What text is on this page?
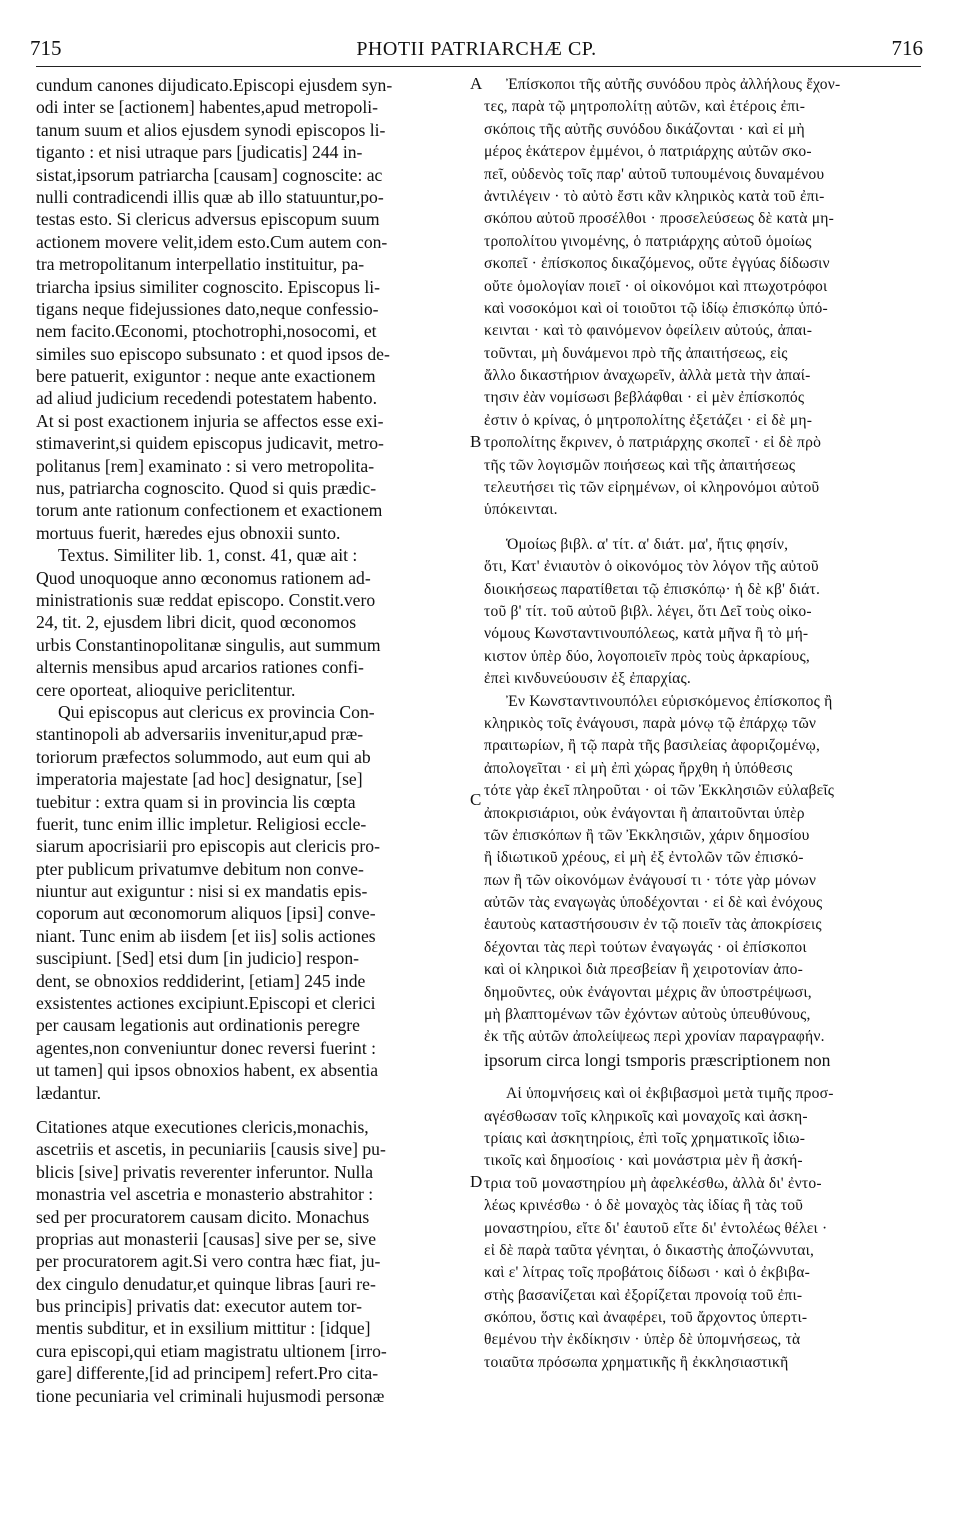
715	PHOTII PATRIARCHÆ CP.	716
A
B
C
D
cundum canones dijudicato.Episcopi ejusdem syn-
odi inter se [actionem] habentes,apud metropoli-
tanum suum et alios ejusdem synodi episcopos li-
tiganto : et nisi utraque pars [judicatis] 244 in-
sistat,ipsorum patriarcha [causam] cognoscite: ac
nulli contradicendi illis quæ ab illo statuuntur,po-
testas esto. Si clericus adversus episcopum suum
actionem movere velit,idem esto.Cum autem con-
tra metropolitanum interpellatio instituitur, pa-
triarcha ipsius similiter cognoscito. Episcopus li-
tigans neque fidejussiones dato,neque confessio-
nem facito.Œconomi, ptochotrophi,nosocomi, et
similes suo episcopo subsunato : et quod ipsos de-
bere patuerit, exiguntor : neque ante exactionem
ad aliud judicium recedendi potestatem habento.
At si post exactionem injuria se affectos esse exi-
stimaverint,si quidem episcopus judicavit, metro-
politanus [rem] examinato : si vero metropolita-
nus, patriarcha cognoscito. Quod si quis prædic-
torum ante rationum confectionem et exactionem
mortuus fuerit, hæredes ejus obnoxii sunto.
Textus. Similiter lib. 1, const. 41, quæ ait :
Quod unoquoque anno œconomus rationem ad-
ministrationis suæ reddat episcopo. Constit.vero
24, tit. 2, ejusdem libri dicit, quod œconomos
urbis Constantinopolitanæ singulis, aut summum
alternis mensibus apud arcarios rationes confi-
cere oporteat, alioquive periclitentur.
Qui episcopus aut clericus ex provincia Con-
stantinopoli ab adversariis invenitur,apud præ-
toriorum præfectos solummodo, aut eum qui ab
imperatoria majestate [ad hoc] designatur, [se]
tuebitur : extra quam si in provincia lis cœpta
fuerit, tunc enim illic impletur. Religiosi eccle-
siarum apocrisiarii pro episcopis aut clericis pro-
pter publicum privatumve debitum non conve-
niuntur aut exiguntur : nisi si ex mandatis epis-
coporum aut œconomorum aliquos [ipsi] conve-
niant. Tunc enim ab iisdem [et iis] solis actiones
suscipiunt. [Sed] etsi dum [in judicio] respon-
dent, se obnoxios reddiderint, [etiam] 245 inde
exsistentes actiones excipiunt.Episcopi et clerici
per causam legationis aut ordinationis peregre
agentes,non conveniuntur donec reversi fuerint :
ut tamen] qui ipsos obnoxios habent, ex absentia
lædantur.
Citationes atque executiones clericis,monachis,
ascetriis et ascetis, in pecuniariis [causis sive] pu-
blicis [sive] privatis reverenter inferuntor. Nulla
monastria vel ascetria e monasterio abstrahitor :
sed per procuratorem causam dicito. Monachus
proprias aut monasterii [causas] sive per se, sive
per procuratorem agit.Si vero contra hæc fiat, ju-
dex cingulo denudatur,et quinque libras [auri re-
bus principis] privatis dat: executor autem tor-
mentis subditur, et in exsilium mittitur : [idque]
cura episcopi,qui etiam magistratu ultionem [irro-
gare] differente,[id ad principem] refert.Pro cita-
tione pecuniaria vel criminali hujusmodi personæ
Ἐπίσκοποι τῆς αὐτῆς συνόδου πρὸς ἀλλήλους ἔχον-
τες, παρὰ τῷ μητροπολίτῃ αὐτῶν, καὶ ἑτέροις ἐπι-
σκόποις τῆς αὐτῆς συνόδου δικάζονται · καὶ εἰ μὴ
μέρος ἑκάτερον ἐμμένοι, ὁ πατριάρχης αὐτῶν σκο-
πεῖ, οὐδενὸς τοῖς παρ' αὐτοῦ τυπουμένοις δυναμένου
ἀντιλέγειν · τὸ αὐτὸ ἔστι κἂν κληρικὸς κατὰ τοῦ ἐπι-
σκόπου αὐτοῦ προσέλθοι · προσελεύσεως δὲ κατὰ μη-
τροπολίτου γινομένης, ὁ πατριάρχης αὐτοῦ ὁμοίως
σκοπεῖ · ἐπίσκοπος δικαζόμενος, οὔτε ἐγγύας δίδωσιν
οὔτε ὁμολογίαν ποιεῖ · οἱ οἰκονόμοι καὶ πτωχοτρόφοι
καὶ νοσοκόμοι καὶ οἱ τοιοῦτοι τῷ ἰδίῳ ἐπισκόπῳ ὑπό-
κεινται · καὶ τὸ φαινόμενον ὀφείλειν αὐτούς, ἀπαι-
τοῦνται, μὴ δυνάμενοι πρὸ τῆς ἀπαιτήσεως, εἰς
ἄλλο δικαστήριον ἀναχωρεῖν, ἀλλὰ μετὰ τὴν ἀπαί-
τησιν ἐὰν νομίσωσι βεβλάφθαι · εἰ μὲν ἐπίσκοπός
ἐστιν ὁ κρίνας, ὁ μητροπολίτης ἐξετάζει · εἰ δὲ μη-
τροπολίτης ἔκρινεν, ὁ πατριάρχης σκοπεῖ · εἰ δὲ πρὸ
τῆς τῶν λογισμῶν ποιήσεως καὶ τῆς ἀπαιτήσεως
τελευτήσει τὶς τῶν εἰρημένων, οἱ κληρονόμοι αὐτοῦ
ὑπόκεινται.
Ὁμοίως βιβλ. α' τίτ. α' διάτ. μα', ἥτις φησίν,
ὅτι, Κατ' ἐνιαυτὸν ὁ οἰκονόμος τὸν λόγον τῆς αὐτοῦ
διοικήσεως παρατίθεται τῷ ἐπισκόπῳ· ἡ δὲ κβ' διάτ.
τοῦ β' τίτ. τοῦ αὐτοῦ βιβλ. λέγει, ὅτι Δεῖ τοὺς οἰκο-
νόμους Κωνσταντινουπόλεως, κατὰ μῆνα ἢ τὸ μή-
κιστον ὑπὲρ δύο, λογοποιεῖν πρὸς τοὺς ἀρκαρίους,
ἐπεὶ κινδυνεύουσιν ἐξ ἐπαρχίας.
Ἐν Κωνσταντινουπόλει εὑρισκόμενος ἐπίσκοπος ἢ
κληρικὸς τοῖς ἐνάγουσι, παρὰ μόνῳ τῷ ἐπάρχῳ τῶν
πραιτωρίων, ἢ τῷ παρὰ τῆς βασιλείας ἀφοριζομένῳ,
ἀπολογεῖται · εἰ μὴ ἐπὶ χώρας ἤρχθη ἡ ὑπόθεσις
τότε γὰρ ἐκεῖ πληροῦται · οἱ τῶν Ἐκκλησιῶν εὐλαβεῖς
ἀποκρισιάριοι, οὐκ ἐνάγονται ἢ ἀπαιτοῦνται ὑπὲρ
τῶν ἐπισκόπων ἢ τῶν Ἐκκλησιῶν, χάριν δημοσίου
ἢ ἰδιωτικοῦ χρέους, εἰ μὴ ἐξ ἐντολῶν τῶν ἐπισκό-
πων ἢ τῶν οἰκονόμων ἐνάγουσί τι · τότε γὰρ μόνων
αὐτῶν τὰς εναγωγὰς ὑποδέχονται · εἰ δὲ καὶ ἐνόχους
ἑαυτοὺς καταστήσουσιν ἐν τῷ ποιεῖν τὰς ἀποκρίσεις
δέχονται τὰς περὶ τούτων ἐναγωγάς · οἱ ἐπίσκοποι
καὶ οἱ κληρικοὶ διὰ πρεσβείαν ἢ χειροτονίαν ἀπο-
δημοῦντες, οὐκ ἐνάγονται μέχρις ἂν ὑποστρέψωσι,
μὴ βλαπτομένων τῶν ἐχόντων αὐτοὺς ὑπευθύνους,
ἐκ τῆς αὐτῶν ἀπολείψεως περὶ χρονίαν παραγραφήν.
ipsorum circa longi tsmporis præscriptionem non
Αἱ ὑπομνήσεις καὶ οἱ ἐκβιβασμοὶ μετὰ τιμῆς προσ-
αγέσθωσαν τοῖς κληρικοῖς καὶ μοναχοῖς καὶ ἀσκη-
τρίαις καὶ ἀσκητηρίοις, ἐπὶ τοῖς χρηματικοῖς ἰδιω-
τικοῖς καὶ δημοσίοις · καὶ μονάστρια μὲν ἢ ἀσκή-
τρια τοῦ μοναστηρίου μὴ ἀφελκέσθω, ἀλλὰ δι' ἐντο-
λέως κρινέσθω · ὁ δὲ μοναχὸς τὰς ἰδίας ἢ τὰς τοῦ
μοναστηρίου, εἴτε δι' ἑαυτοῦ εἴτε δι' ἐντολέως θέλει ·
εἰ δὲ παρὰ ταῦτα γένηται, ὁ δικαστὴς ἀποζώννυται,
καὶ ε' λίτρας τοῖς προβάτοις δίδωσι · καὶ ὁ ἐκβιβα-
στὴς βασανίζεται καὶ ἐξορίζεται προνοίᾳ τοῦ ἐπι-
σκόπου, ὅστις καὶ ἀναφέρει, τοῦ ἄρχοντος ὑπερτι-
θεμένου τὴν ἐκδίκησιν · ὑπὲρ δὲ ὑπομνήσεως, τὰ
τοιαῦτα πρόσωπα χρηματικῆς ἢ ἐκκλησιαστικῆ
